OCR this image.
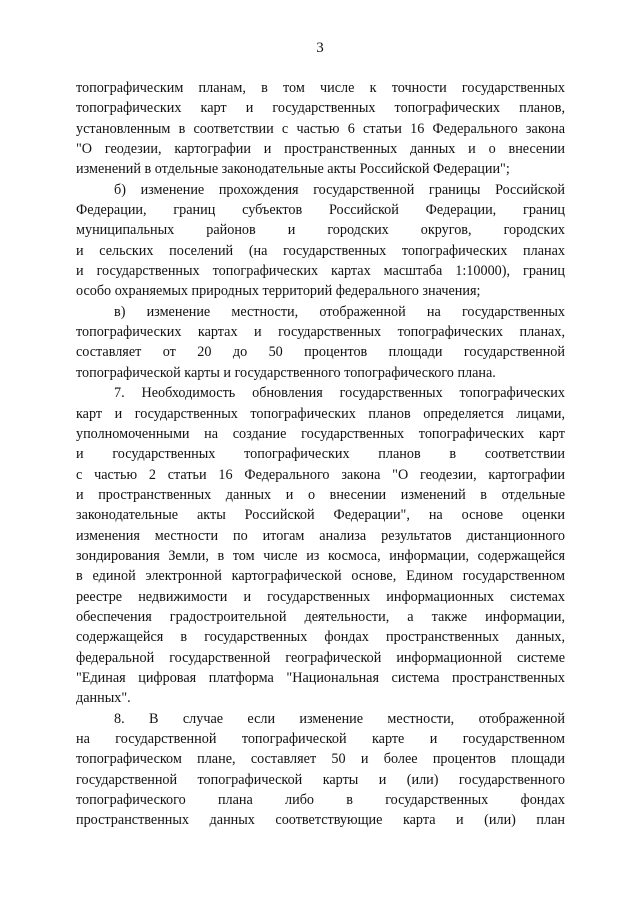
3
топографическим планам, в том числе к точности государственных
топографических карт и государственных топографических планов,
установленным в соответствии с частью 6 статьи 16 Федерального закона
"О геодезии, картографии и пространственных данных и о внесении
изменений в отдельные законодательные акты Российской Федерации";
б) изменение прохождения государственной границы Российской
Федерации, границ субъектов Российской Федерации, границ
муниципальных районов и городских округов, городских
и сельских поселений (на государственных топографических планах
и государственных топографических картах масштаба 1:10000), границ
особо охраняемых природных территорий федерального значения;
в) изменение местности, отображенной на государственных
топографических картах и государственных топографических планах,
составляет от 20 до 50 процентов площади государственной
топографической карты и государственного топографического плана.
7. Необходимость обновления государственных топографических
карт и государственных топографических планов определяется лицами,
уполномоченными на создание государственных топографических карт
и государственных топографических планов в соответствии
с частью 2 статьи 16 Федерального закона "О геодезии, картографии
и пространственных данных и о внесении изменений в отдельные
законодательные акты Российской Федерации", на основе оценки
изменения местности по итогам анализа результатов дистанционного
зондирования Земли, в том числе из космоса, информации, содержащейся
в единой электронной картографической основе, Едином государственном
реестре недвижимости и государственных информационных системах
обеспечения градостроительной деятельности, а также информации,
содержащейся в государственных фондах пространственных данных,
федеральной государственной географической информационной системе
"Единая цифровая платформа "Национальная система пространственных
данных".
8. В случае если изменение местности, отображенной
на государственной топографической карте и государственном
топографическом плане, составляет 50 и более процентов площади
государственной топографической карты и (или) государственного
топографического плана либо в государственных фондах
пространственных данных соответствующие карта и (или) план
